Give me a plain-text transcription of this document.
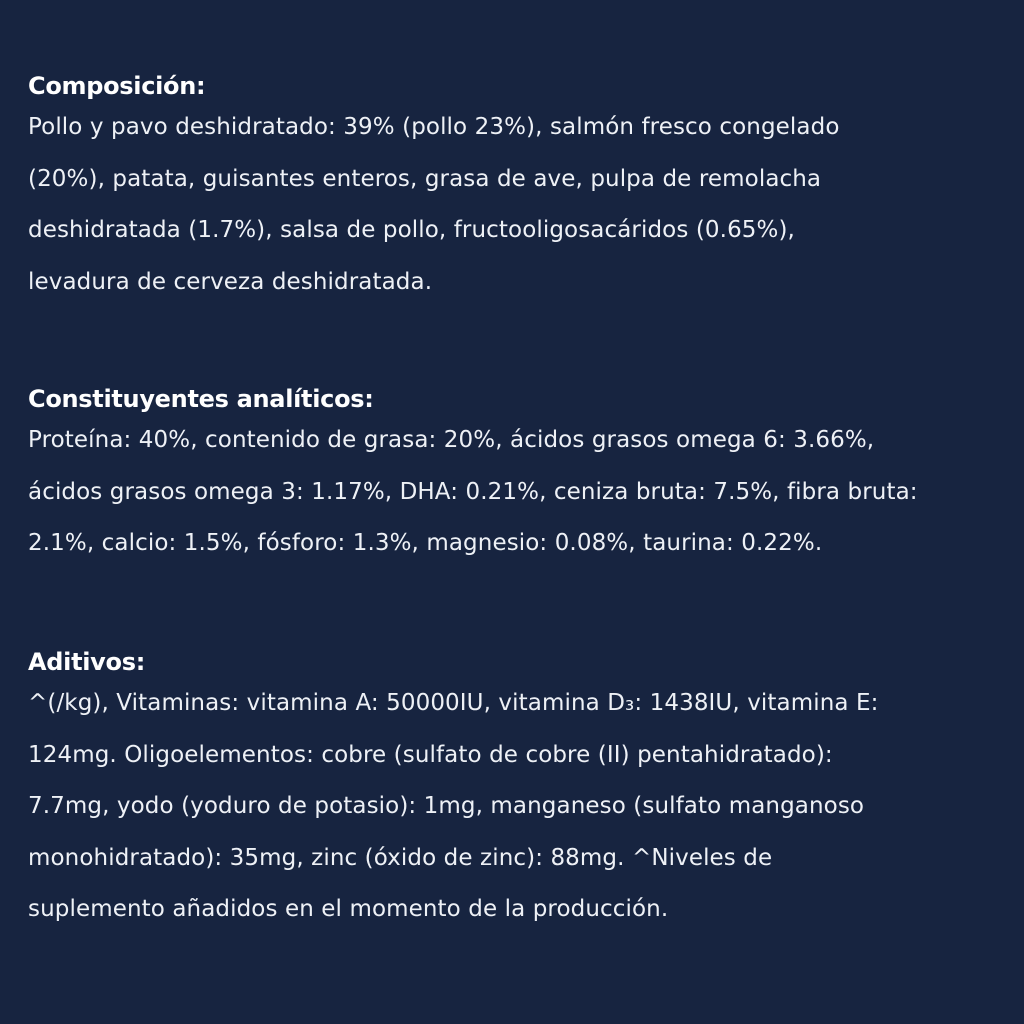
Composición:

Pollo y pavo deshidratado: 39% (pollo 23%), salmón fresco congelado
(20%), patata, guisantes enteros, grasa de ave, pulpa de remolacha
deshidratada (1.7%), salsa de pollo, fructooligosacáridos (0.65%),
levadura de cerveza deshidratada.

Constituyentes analíticos:

Proteína: 40%, contenido de grasa: 20%, ácidos grasos omega 6: 3.66%,
ácidos grasos omega 3: 1.17%, DHA: 0.21%, ceniza bruta: 7.5%, fibra bruta:
2.1%, calcio: 1.5%, fósforo: 1.3%, magnesio: 0.08%, taurina: 0.22%.

Aditivos:

^(/kg), Vitaminas: vitamina A: 50000IU, vitamina D₃: 1438IU, vitamina E:
124mg. Oligoelementos: cobre (sulfato de cobre (II) pentahidratado):
7.7mg, yodo (yoduro de potasio): 1mg, manganeso (sulfato manganoso
monohidratado): 35mg, zinc (óxido de zinc): 88mg. ^Niveles de
suplemento añadidos en el momento de la producción.
